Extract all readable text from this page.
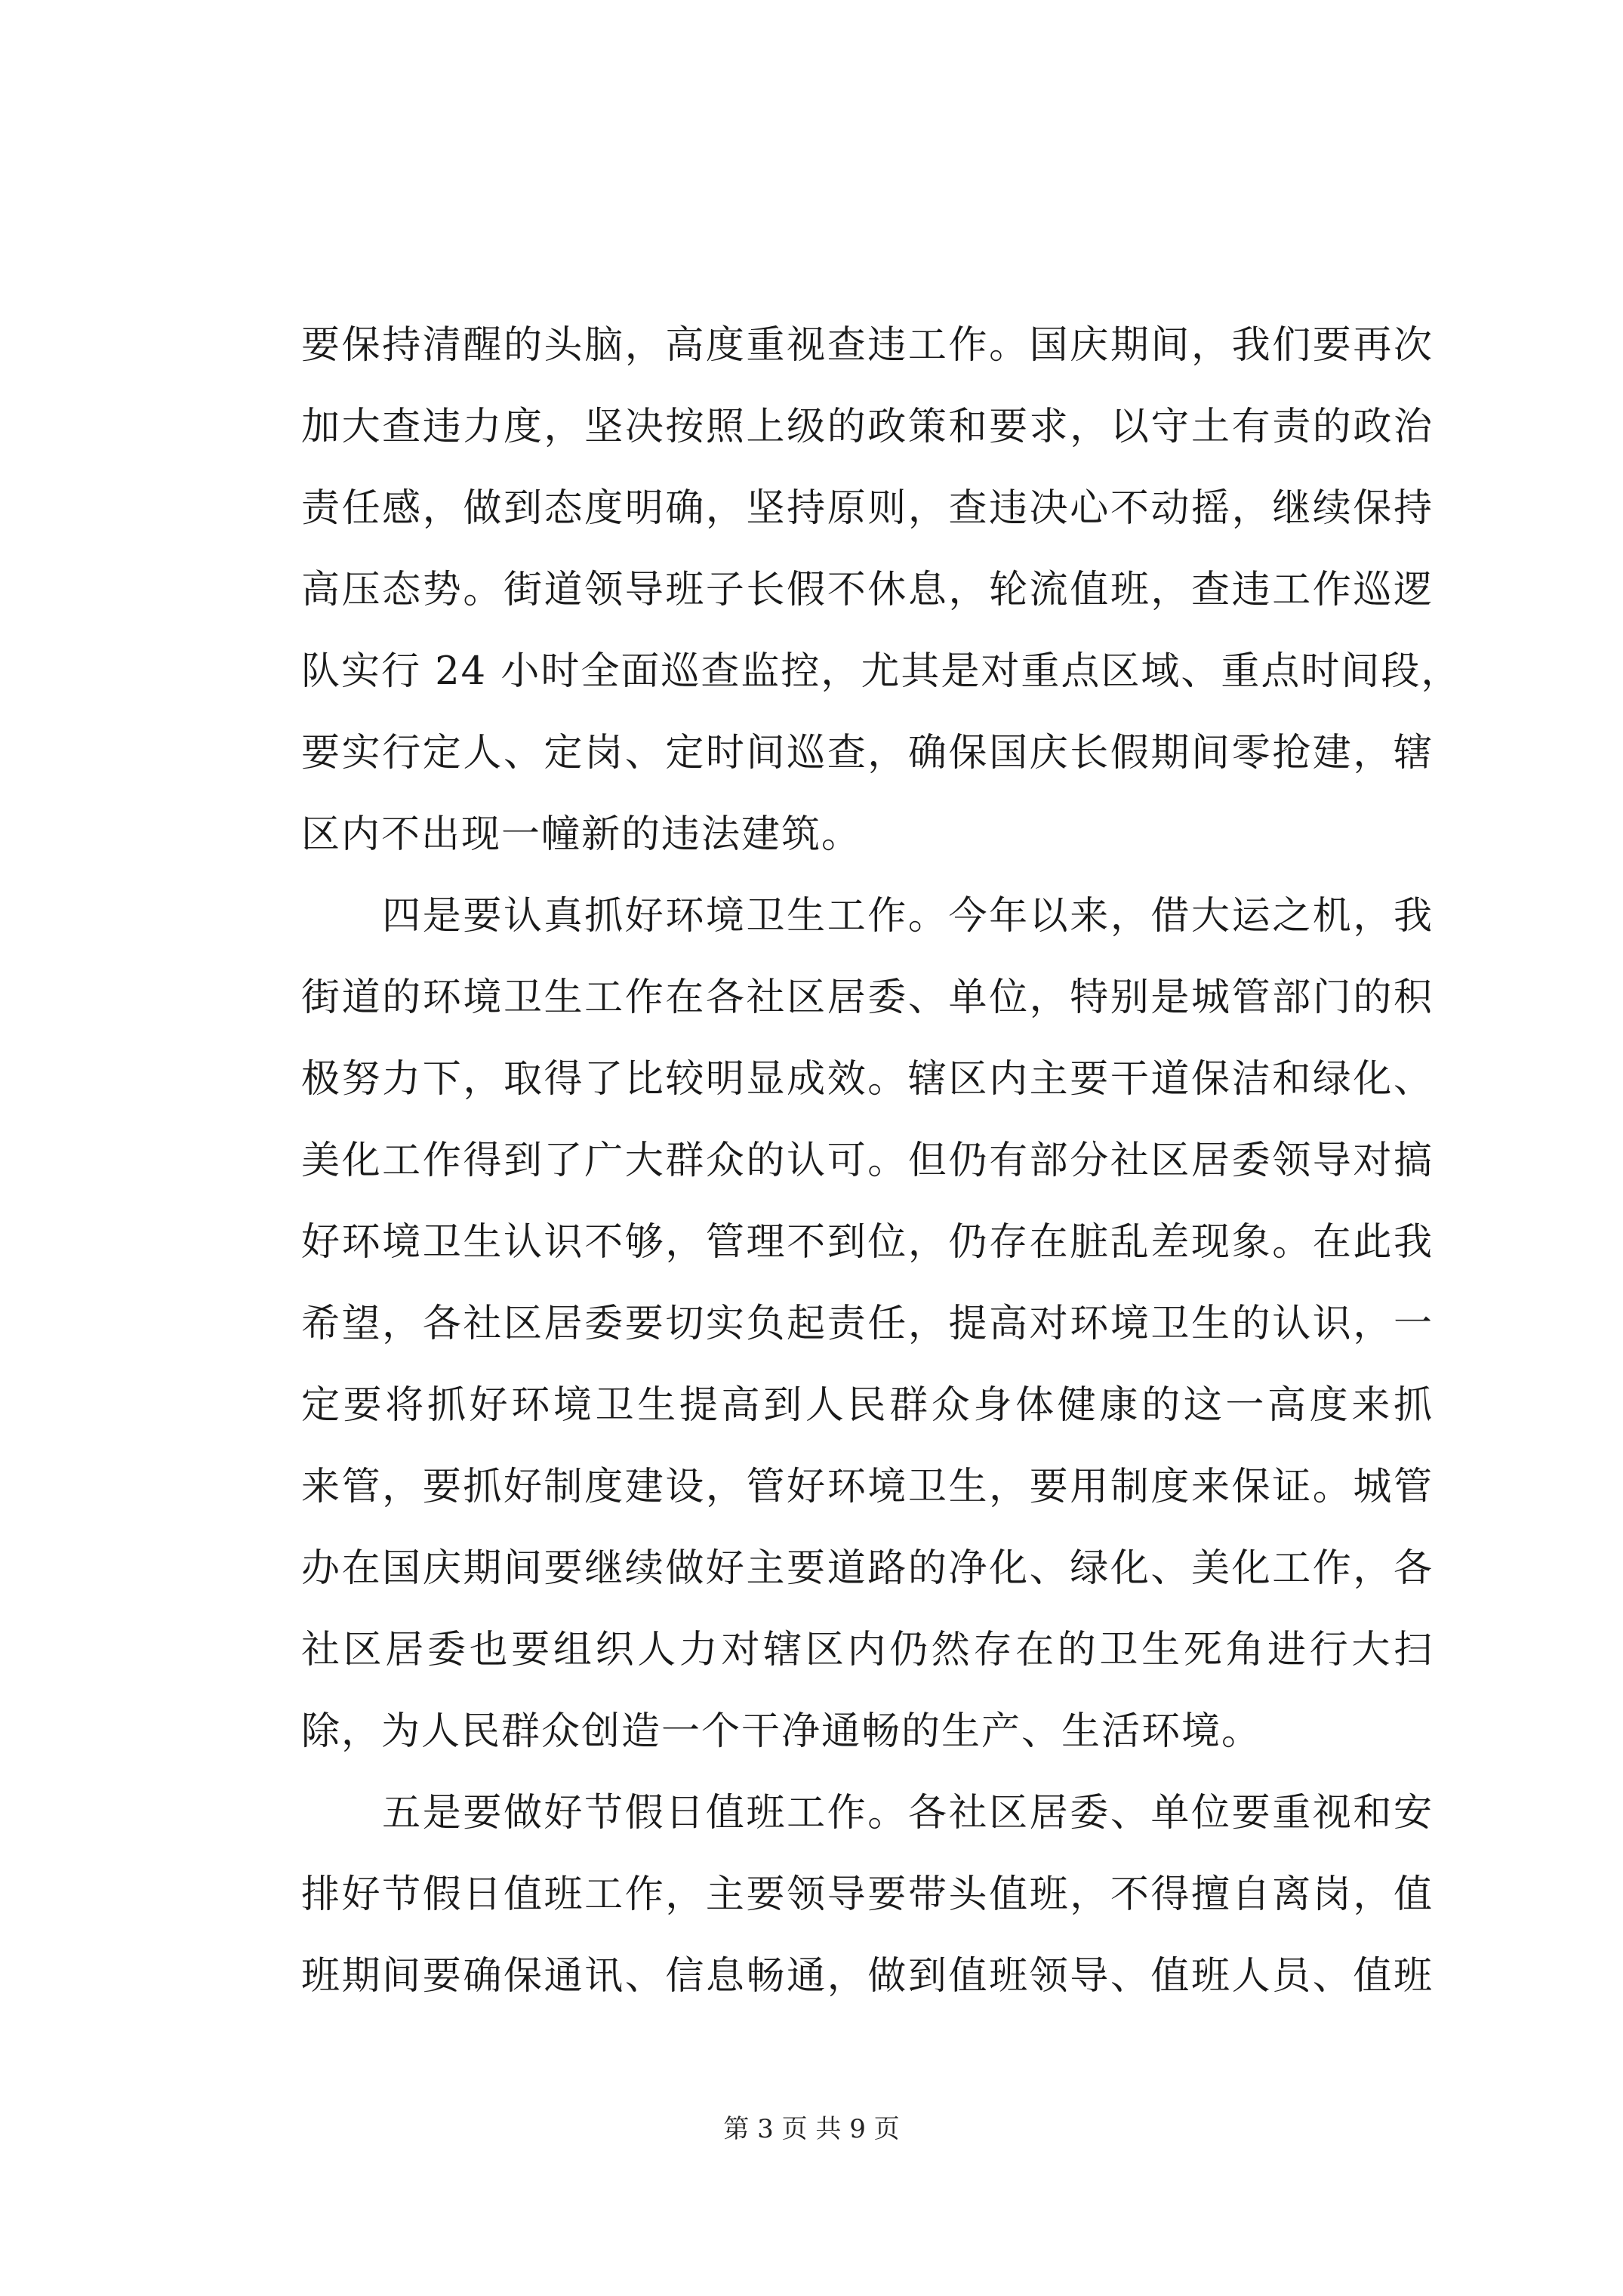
要保持清醒的头脑，高度重视查违工作。国庆期间，我们要再次
加大查违力度，坚决按照上级的政策和要求，以守土有责的政治
责任感，做到态度明确，坚持原则，查违决心不动摇，继续保持
高压态势。街道领导班子长假不休息，轮流值班，查违工作巡逻
队实行 24 小时全面巡查监控，尤其是对重点区域、重点时间段，
要实行定人、定岗、定时间巡查，确保国庆长假期间零抢建，辖
区内不出现一幢新的违法建筑。
　　四是要认真抓好环境卫生工作。今年以来，借大运之机，我
街道的环境卫生工作在各社区居委、单位，特别是城管部门的积
极努力下，取得了比较明显成效。辖区内主要干道保洁和绿化、
美化工作得到了广大群众的认可。但仍有部分社区居委领导对搞
好环境卫生认识不够，管理不到位，仍存在脏乱差现象。在此我
希望，各社区居委要切实负起责任，提高对环境卫生的认识，一
定要将抓好环境卫生提高到人民群众身体健康的这一高度来抓
来管，要抓好制度建设，管好环境卫生，要用制度来保证。城管
办在国庆期间要继续做好主要道路的净化、绿化、美化工作，各
社区居委也要组织人力对辖区内仍然存在的卫生死角进行大扫
除，为人民群众创造一个干净通畅的生产、生活环境。
　　五是要做好节假日值班工作。各社区居委、单位要重视和安
排好节假日值班工作，主要领导要带头值班，不得擅自离岗，值
班期间要确保通讯、信息畅通，做到值班领导、值班人员、值班
第 3 页 共 9 页
